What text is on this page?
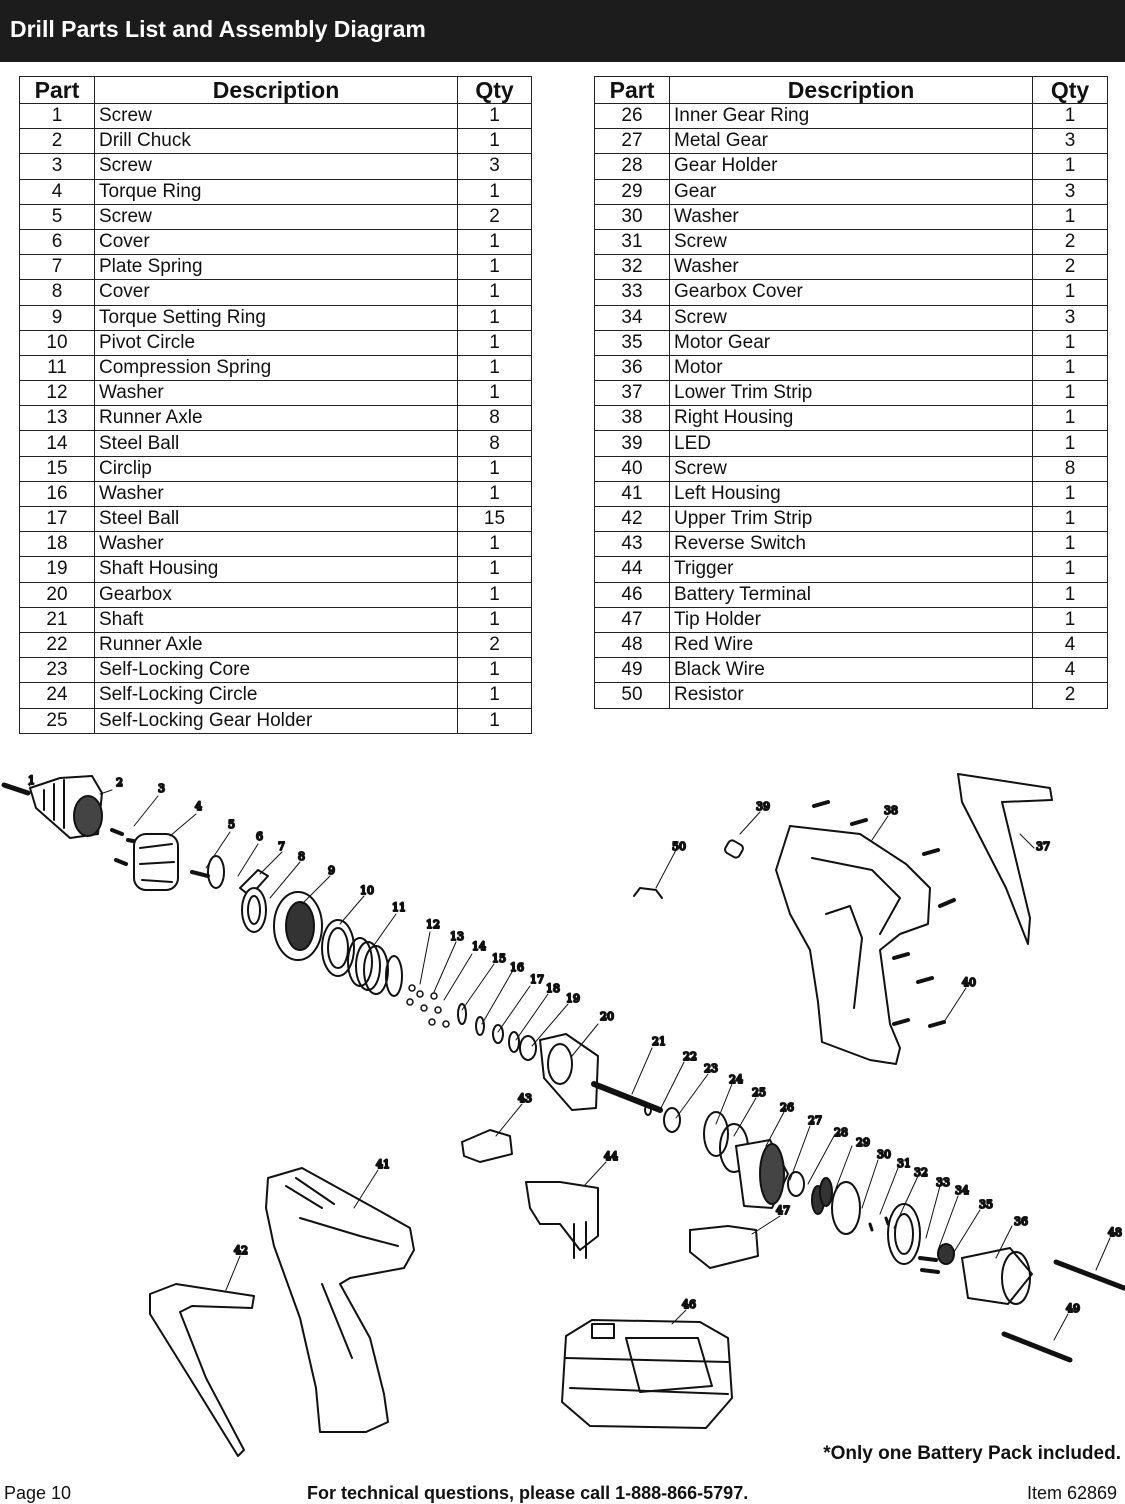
Drill Parts List and Assembly Diagram
Part	Description	Qty
1	Screw	1
2	Drill Chuck	1
3	Screw	3
4	Torque Ring	1
5	Screw	2
6	Cover	1
7	Plate Spring	1
8	Cover	1
9	Torque Setting Ring	1
10	Pivot Circle	1
11	Compression Spring	1
12	Washer	1
13	Runner Axle	8
14	Steel Ball	8
15	Circlip	1
16	Washer	1
17	Steel Ball	15
18	Washer	1
19	Shaft Housing	1
20	Gearbox	1
21	Shaft	1
22	Runner Axle	2
23	Self-Locking Core	1
24	Self-Locking Circle	1
25	Self-Locking Gear Holder	1
Part	Description	Qty
26	Inner Gear Ring	1
27	Metal Gear	3
28	Gear Holder	1
29	Gear	3
30	Washer	1
31	Screw	2
32	Washer	2
33	Gearbox Cover	1
34	Screw	3
35	Motor Gear	1
36	Motor	1
37	Lower Trim Strip	1
38	Right Housing	1
39	LED	1
40	Screw	8
41	Left Housing	1
42	Upper Trim Strip	1
43	Reverse Switch	1
44	Trigger	1
46	Battery Terminal	1
47	Tip Holder	1
48	Red Wire	4
49	Black Wire	4
50	Resistor	2
1	2	3
4
5
6
7
8
9
10
11
12
13
14
15
16
17
18
19
20
21
22
23
24
25
26
27
28
29
30
31
32
33
34
35
36
37
38
39
40
41
42
43
44
46
47
48
49
50
*Only one Battery Pack included.
Page 10	For technical questions, please call 1-888-866-5797.	Item 62869
